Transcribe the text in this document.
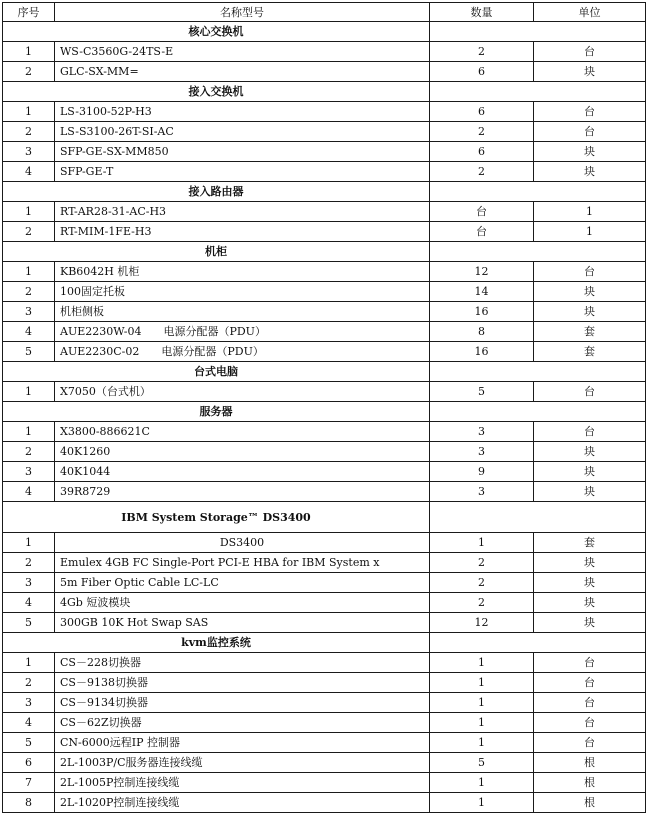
序号	名称型号	数量	单位
核心交换机			
1	WS-C3560G-24TS-E	2	台
2	GLC-SX-MM=	6	块
接入交换机			
1	LS-3100-52P-H3	6	台
2	LS-S3100-26T-SI-AC	2	台
3	SFP-GE-SX-MM850	6	块
4	SFP-GE-T	2	块
接入路由器			
1	RT-AR28-31-AC-H3	台	1
2	RT-MIM-1FE-H3	台	1
机柜			
1	KB6042H 机柜	12	台
2	100固定托板	14	块
3	机柜侧板	16	块
4	AUE2230W-04　　电源分配器（PDU）	8	套
5	AUE2230C-02　　电源分配器（PDU）	16	套
台式电脑			
1	X7050（台式机）	5	台
服务器			
1	X3800-886621C	3	台
2	40K1260	3	块
3	40K1044	9	块
4	39R8729	3	块
IBM System Storage™ DS3400			
1	DS3400	1	套
2	Emulex 4GB FC Single-Port PCI-E HBA for IBM System x	2	块
3	5m Fiber Optic Cable LC-LC	2	块
4	4Gb 短波模块	2	块
5	300GB 10K Hot Swap SAS	12	块
kvm监控系统			
1	CS－228切换器	1	台
2	CS－9138切换器	1	台
3	CS－9134切换器	1	台
4	CS－62Z切换器	1	台
5	CN-6000远程IP 控制器	1	台
6	2L-1003P/C服务器连接线缆	5	根
7	2L-1005P控制连接线缆	1	根
8	2L-1020P控制连接线缆	1	根
